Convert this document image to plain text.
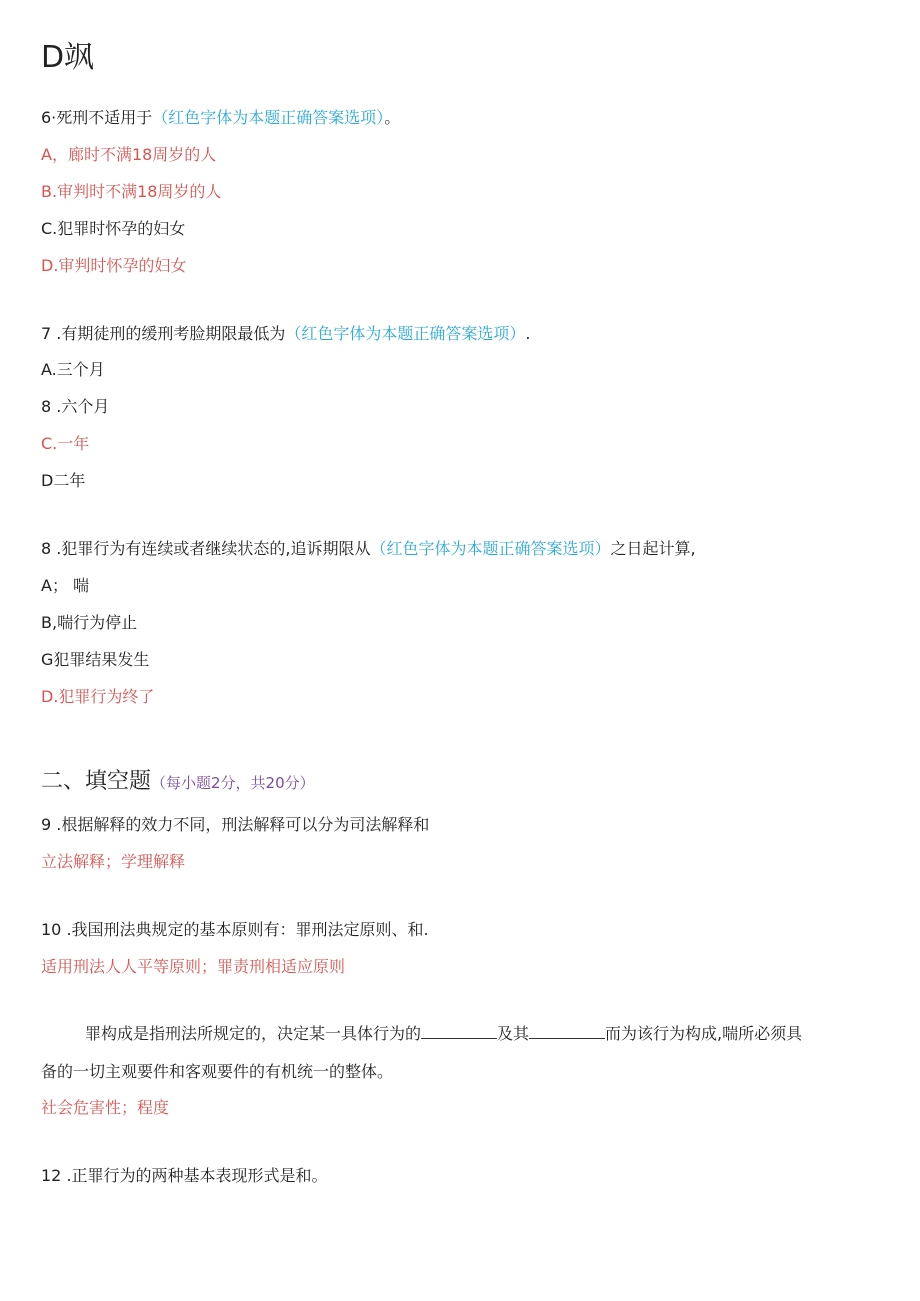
D飒
6·死刑不适用于（红色字体为本题正确答案选项）。
A，廊时不满18周岁的人
B.审判时不满18周岁的人
C.犯罪时怀孕的妇女
D.审判时怀孕的妇女
7 .有期徒刑的缓刑考脸期限最低为（红色字体为本题正确答案选项）.
A.三个月
8 .六个月
C.一年
D二年
8 .犯罪行为有连续或者继续状态的,追诉期限从（红色字体为本题正确答案选项）之日起计算,
A； 喘
B,喘行为停止
G犯罪结果发生
D.犯罪行为终了
二、填空题（每小题2分，共20分）
9 .根据解释的效力不同，刑法解释可以分为司法解释和
立法解释；学理解释
10 .我国刑法典规定的基本原则有：罪刑法定原则、和.
适用刑法人人平等原则；罪责刑相适应原则
罪构成是指刑法所规定的，决定某一具体行为的	及其	而为该行为构成,喘所必须具
备的一切主观要件和客观要件的有机统一的整体。
社会危害性；程度
12 .正罪行为的两种基本表现形式是和。
